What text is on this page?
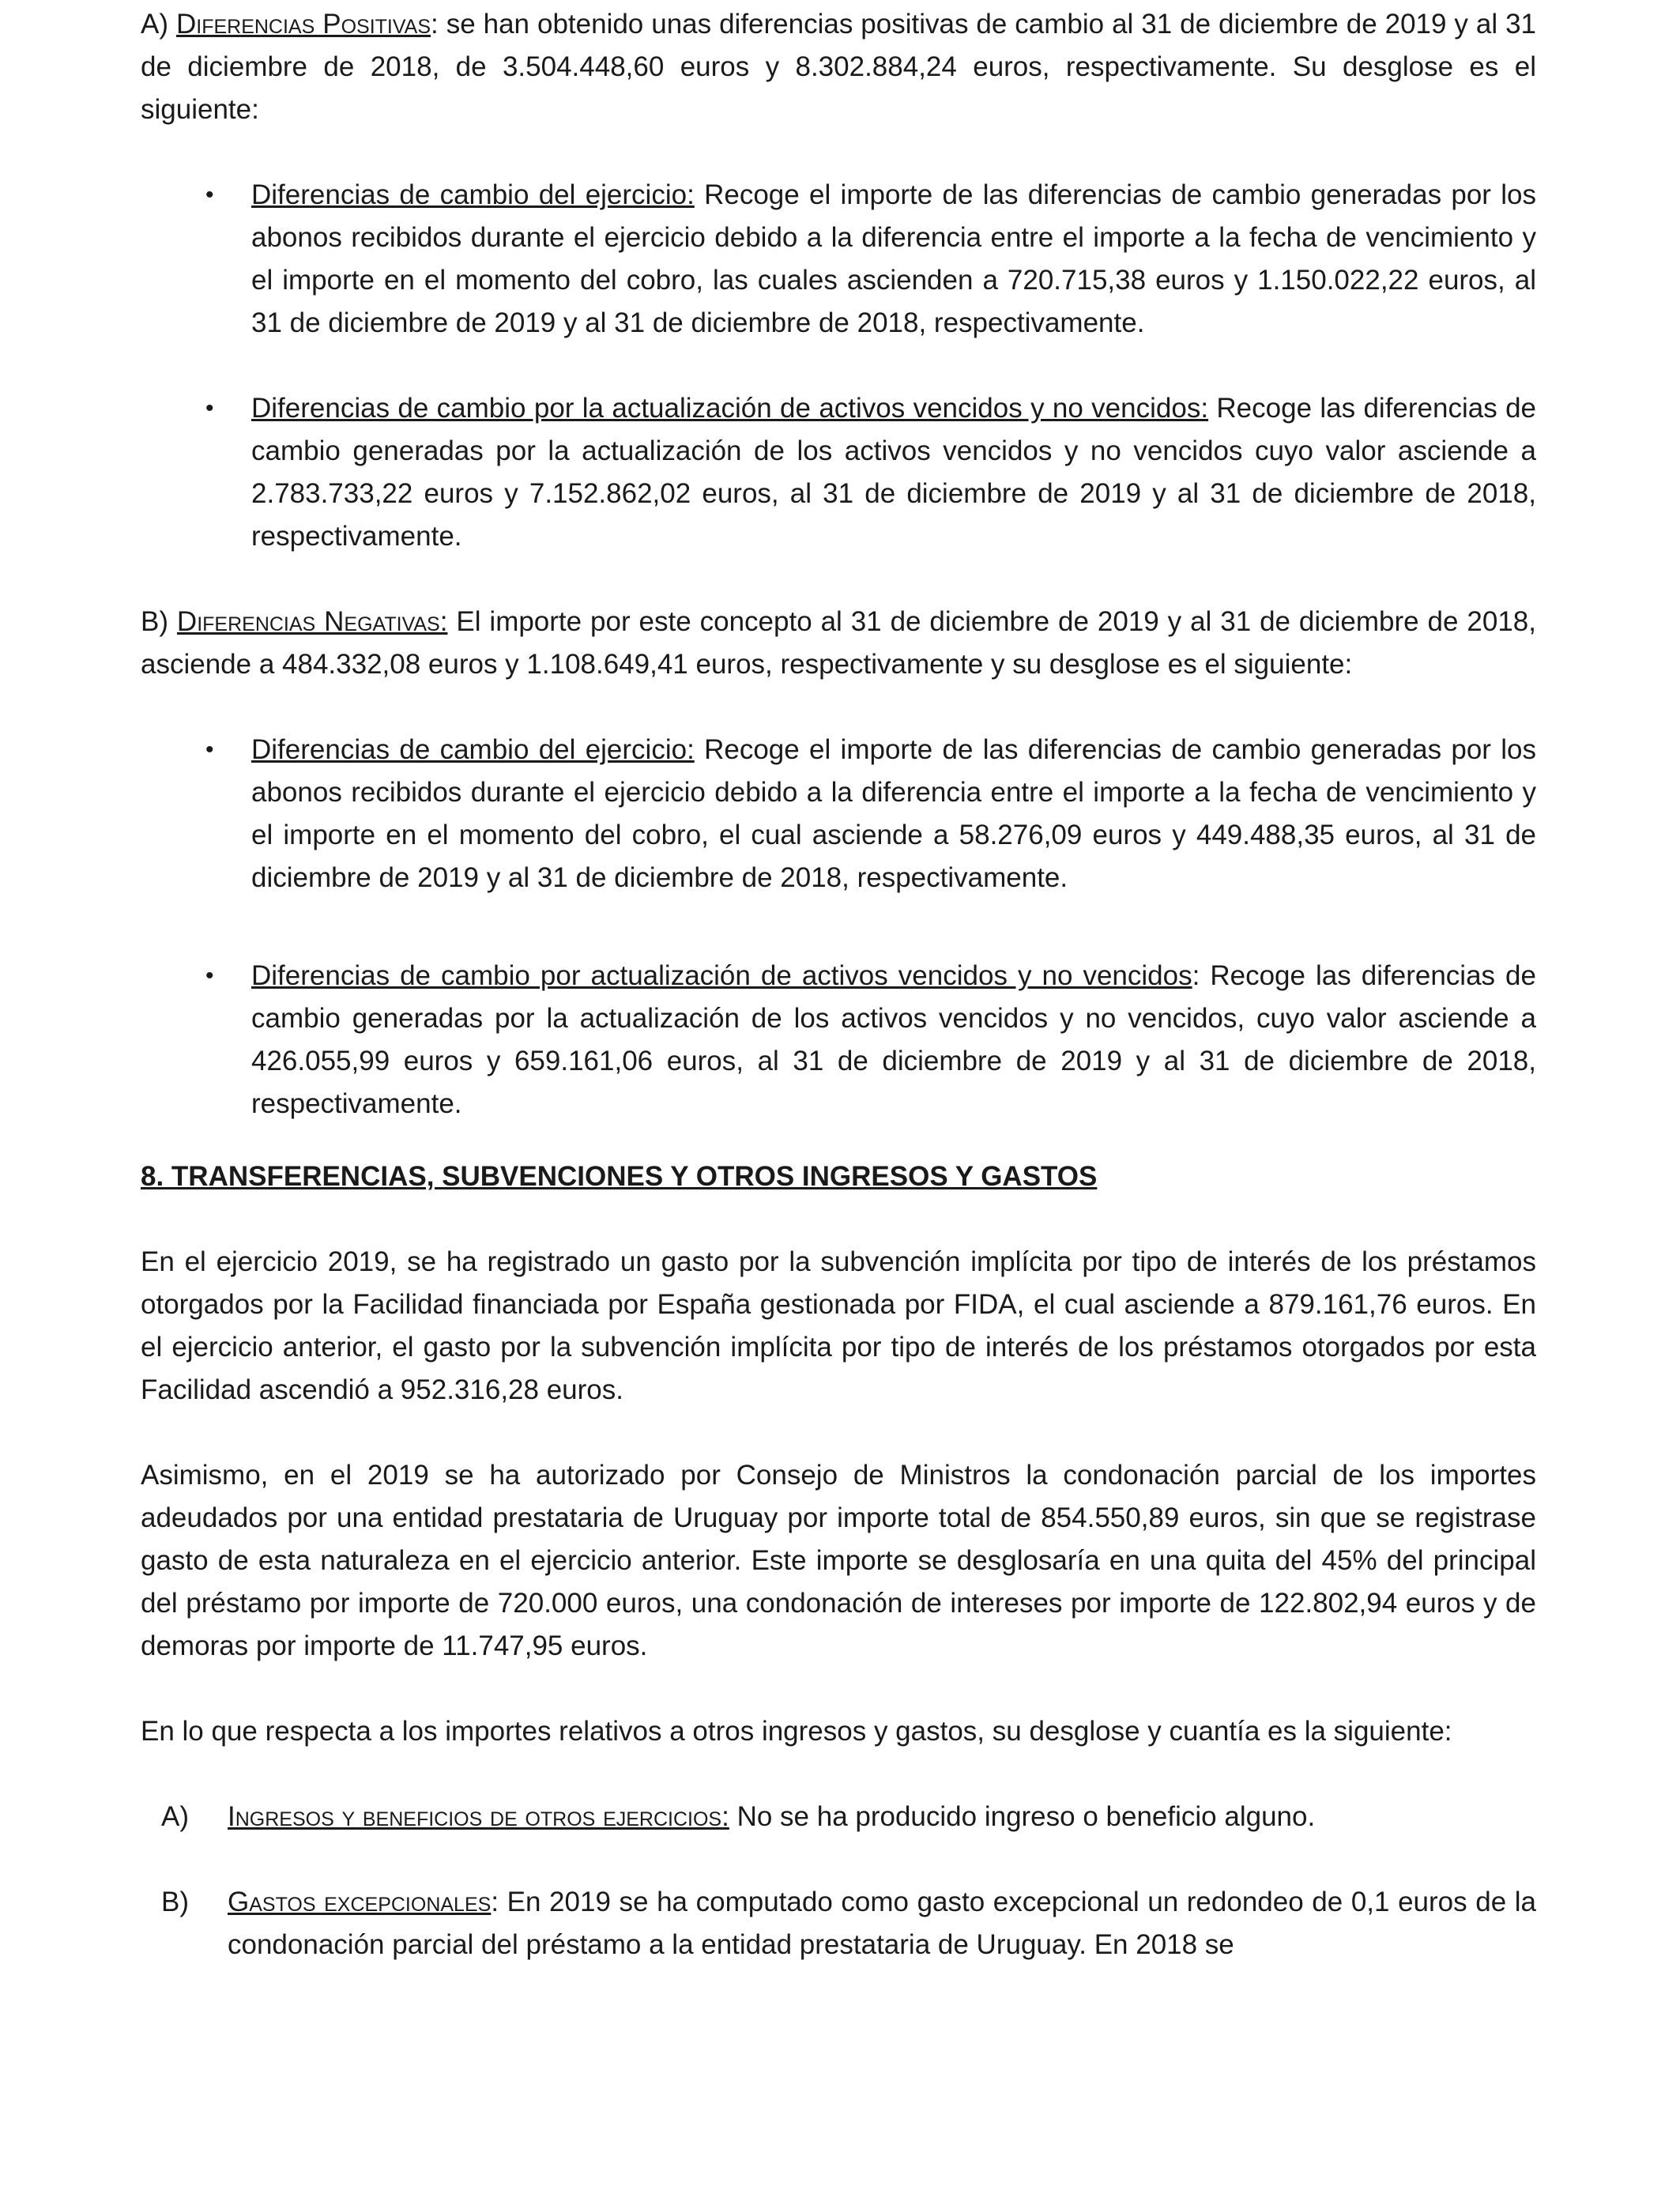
A) Diferencias Positivas: se han obtenido unas diferencias positivas de cambio al 31 de diciembre de 2019 y al 31 de diciembre de 2018, de 3.504.448,60 euros y 8.302.884,24 euros, respectivamente. Su desglose es el siguiente:

• Diferencias de cambio del ejercicio: Recoge el importe de las diferencias de cambio generadas por los abonos recibidos durante el ejercicio debido a la diferencia entre el importe a la fecha de vencimiento y el importe en el momento del cobro, las cuales ascienden a 720.715,38 euros y 1.150.022,22 euros, al 31 de diciembre de 2019 y al 31 de diciembre de 2018, respectivamente.
• Diferencias de cambio por la actualización de activos vencidos y no vencidos: Recoge las diferencias de cambio generadas por la actualización de los activos vencidos y no vencidos cuyo valor asciende a 2.783.733,22 euros y 7.152.862,02 euros, al 31 de diciembre de 2019 y al 31 de diciembre de 2018, respectivamente.

B) Diferencias Negativas: El importe por este concepto al 31 de diciembre de 2019 y al 31 de diciembre de 2018, asciende a 484.332,08 euros y 1.108.649,41 euros, respectivamente y su desglose es el siguiente:

• Diferencias de cambio del ejercicio: Recoge el importe de las diferencias de cambio generadas por los abonos recibidos durante el ejercicio debido a la diferencia entre el importe a la fecha de vencimiento y el importe en el momento del cobro, el cual asciende a 58.276,09 euros y 449.488,35 euros, al 31 de diciembre de 2019 y al 31 de diciembre de 2018, respectivamente.
• Diferencias de cambio por actualización de activos vencidos y no vencidos: Recoge las diferencias de cambio generadas por la actualización de los activos vencidos y no vencidos, cuyo valor asciende a 426.055,99 euros y 659.161,06 euros, al 31 de diciembre de 2019 y al 31 de diciembre de 2018, respectivamente.

8. TRANSFERENCIAS, SUBVENCIONES Y OTROS INGRESOS Y GASTOS

En el ejercicio 2019, se ha registrado un gasto por la subvención implícita por tipo de interés de los préstamos otorgados por la Facilidad financiada por España gestionada por FIDA, el cual asciende a 879.161,76 euros. En el ejercicio anterior, el gasto por la subvención implícita por tipo de interés de los préstamos otorgados por esta Facilidad ascendió a 952.316,28 euros.

Asimismo, en el 2019 se ha autorizado por Consejo de Ministros la condonación parcial de los importes adeudados por una entidad prestataria de Uruguay por importe total de 854.550,89 euros, sin que se registrase gasto de esta naturaleza en el ejercicio anterior. Este importe se desglosaría en una quita del 45% del principal del préstamo por importe de 720.000 euros, una condonación de intereses por importe de 122.802,94 euros y de demoras por importe de 11.747,95 euros.

En lo que respecta a los importes relativos a otros ingresos y gastos, su desglose y cuantía es la siguiente:

A) Ingresos y beneficios de otros ejercicios: No se ha producido ingreso o beneficio alguno.
B) Gastos excepcionales: En 2019 se ha computado como gasto excepcional un redondeo de 0,1 euros de la condonación parcial del préstamo a la entidad prestataria de Uruguay. En 2018 se
